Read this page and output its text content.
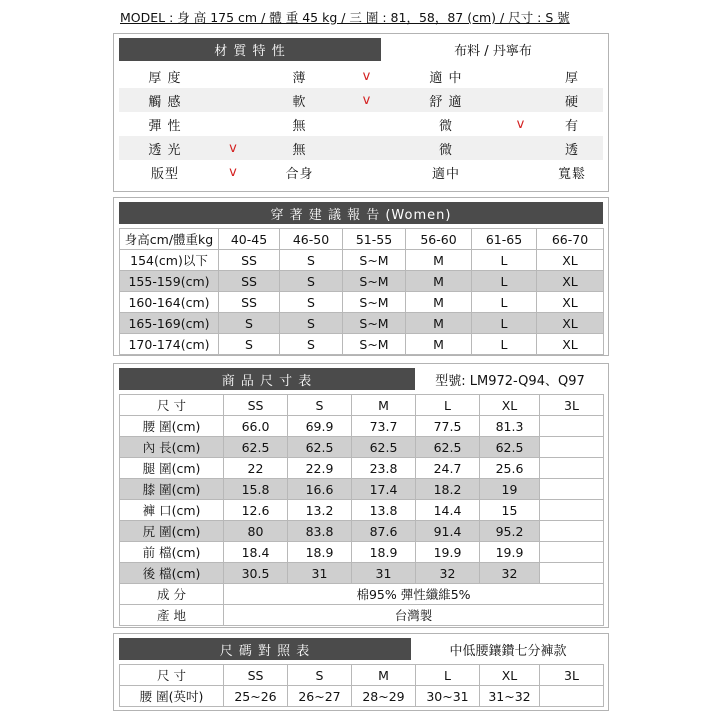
MODEL : 身 高 175 cm / 體 重 45 kg / 三 圍 : 81，58，87 (cm) / 尺寸 : S 號
材 質 特 性	布料 / 丹寧布
厚 度		薄	v	適 中		厚
觸 感		軟	v	舒 適		硬
彈 性		無		微	v	有
透 光	v	無		微		透
版型	v	合身		適中		寬鬆
穿 著 建 議 報 告 (Women)
身高cm/體重kg	40-45	46-50	51-55	56-60	61-65	66-70
154(cm)以下	SS	S	S~M	M	L	XL
155-159(cm)	SS	S	S~M	M	L	XL
160-164(cm)	SS	S	S~M	M	L	XL
165-169(cm)	S	S	S~M	M	L	XL
170-174(cm)	S	S	S~M	M	L	XL
商 品 尺 寸 表	型號: LM972-Q94、Q97
尺 寸	SS	S	M	L	XL	3L
腰 圍(cm)	66.0	69.9	73.7	77.5	81.3	
內 長(cm)	62.5	62.5	62.5	62.5	62.5	
腿 圍(cm)	22	22.9	23.8	24.7	25.6	
膝 圍(cm)	15.8	16.6	17.4	18.2	19	
褲 口(cm)	12.6	13.2	13.8	14.4	15	
尻 圍(cm)	80	83.8	87.6	91.4	95.2	
前 檔(cm)	18.4	18.9	18.9	19.9	19.9	
後 檔(cm)	30.5	31	31	32	32	
成 分	棉95% 彈性纖維5%					
產 地	台灣製					
尺 碼 對 照 表	中低腰鑲鑽七分褲款
尺 寸	SS	S	M	L	XL	3L
腰 圍(英吋)	25~26	26~27	28~29	30~31	31~32	
